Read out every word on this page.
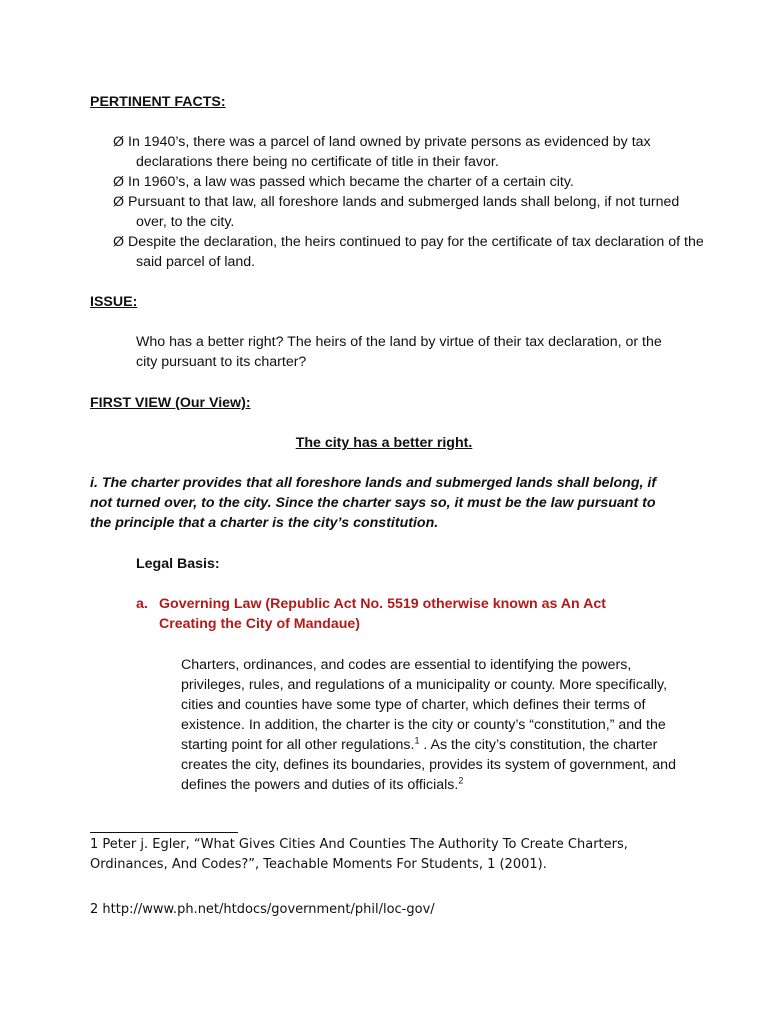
PERTINENT FACTS:
Ø In 1940’s, there was a parcel of land owned by private persons as evidenced by tax declarations there being no certificate of title in their favor.
Ø In 1960’s, a law was passed which became the charter of a certain city.
Ø Pursuant to that law, all foreshore lands and submerged lands shall belong, if not turned over, to the city.
Ø Despite the declaration, the heirs continued to pay for the certificate of tax declaration of the said parcel of land.
ISSUE:
Who has a better right? The heirs of the land by virtue of their tax declaration, or the city pursuant to its charter?
FIRST VIEW (Our View):
The city has a better right.
i. The charter provides that all foreshore lands and submerged lands shall belong, if not turned over, to the city. Since the charter says so, it must be the law pursuant to the principle that a charter is the city’s constitution.
Legal Basis:
a. Governing Law (Republic Act No. 5519 otherwise known as An Act
Creating the City of Mandaue)
Charters, ordinances, and codes are essential to identifying the powers, privileges, rules, and regulations of a municipality or county. More specifically, cities and counties have some type of charter, which defines their terms of existence. In addition, the charter is the city or county’s “constitution,” and the starting point for all other regulations.$^1$ . As the city’s constitution, the charter creates the city, defines its boundaries, provides its system of government, and defines the powers and duties of its officials.$^2$
1 Peter j. Egler, “What Gives Cities And Counties The Authority To Create Charters, Ordinances, And Codes?”, Teachable Moments For Students, 1 (2001).
2 http://www.ph.net/htdocs/government/phil/loc-gov/
